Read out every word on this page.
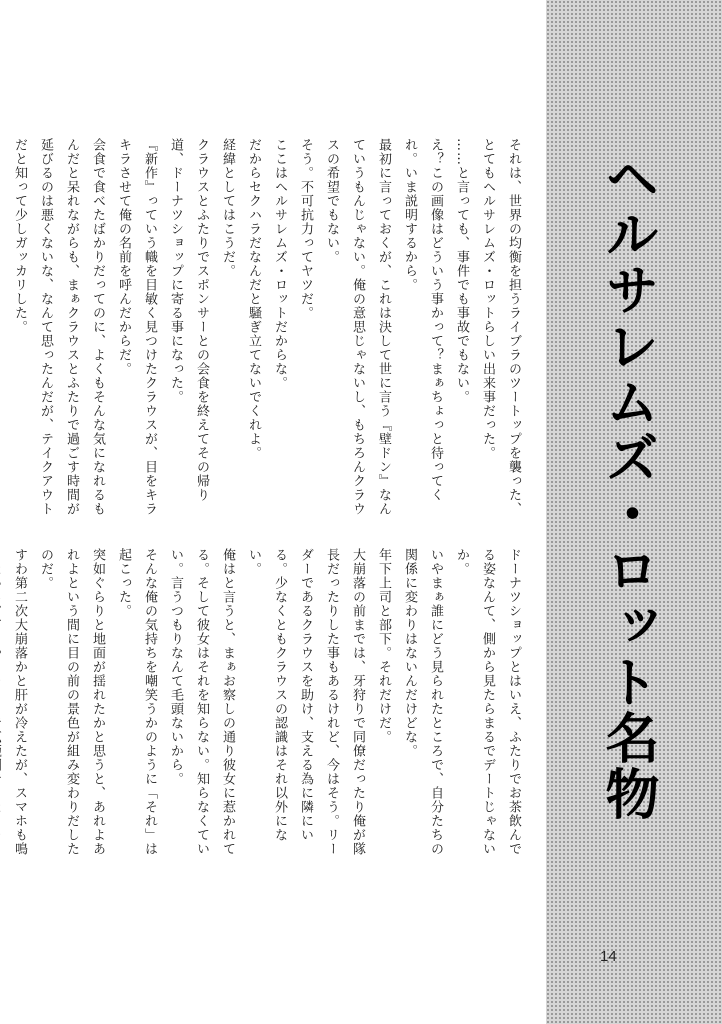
ヘルサレムズ・ロット名物
14

それは、世界の均衡を担うライブラのツートップを襲った、とてもヘルサレムズ・ロットらしい出来事だった。

……と言っても、事件でも事故でもない。

え？この画像はどういう事かって？まぁちょっと待ってくれ。いま説明するから。

最初に言っておくが、これは決して世に言う『壁ドン』なんていうもんじゃない。俺の意思じゃないし、もちろんクラウスの希望でもない。

そう。不可抗力ってヤツだ。

ここはヘルサレムズ・ロットだからな。

だからセクハラだなんだと騒ぎ立てないでくれよ。

経緯としてはこうだ。

クラウスとふたりでスポンサーとの会食を終えてその帰り道、ドーナツショップに寄る事になった。

『新作』っていう幟を目敏く見つけたクラウスが、目をキラキラさせて俺の名前を呼んだからだ。

会食で食べたばかりだってのに、よくもそんな気になれるもんだと呆れながらも、まぁクラウスとふたりで過ごす時間が延びるのは悪くないな、なんて思ったんだが、テイクアウトだと知って少しガッカリした。

ドーナツショップとはいえ、ふたりでお茶飲んでる姿なんて、側から見たらまるでデートじゃないか。

いやまぁ誰にどう見られたところで、自分たちの関係に変わりはないんだけどな。

年下上司と部下。それだけだ。

大崩落の前までは、牙狩りで同僚だったり俺が隊長だったりした事もあるけれど、今はそう。リーダーであるクラウスを助け、支える為に隣にいる。少なくともクラウスの認識はそれ以外にない。

俺はと言うと、まぁお察しの通り彼女に惹かれてる。そして彼女はそれを知らない。知らなくていい。言うつもりなんて毛頭ないから。

そんな俺の気持ちを嘲笑うかのように「それ」は起こった。

突如ぐらりと地面が揺れたかと思うと、あれよあれよという間に目の前の景色が組み変わりだしたのだ。

すわ第二次大崩落かと肝が冷えたが、スマホも鳴
